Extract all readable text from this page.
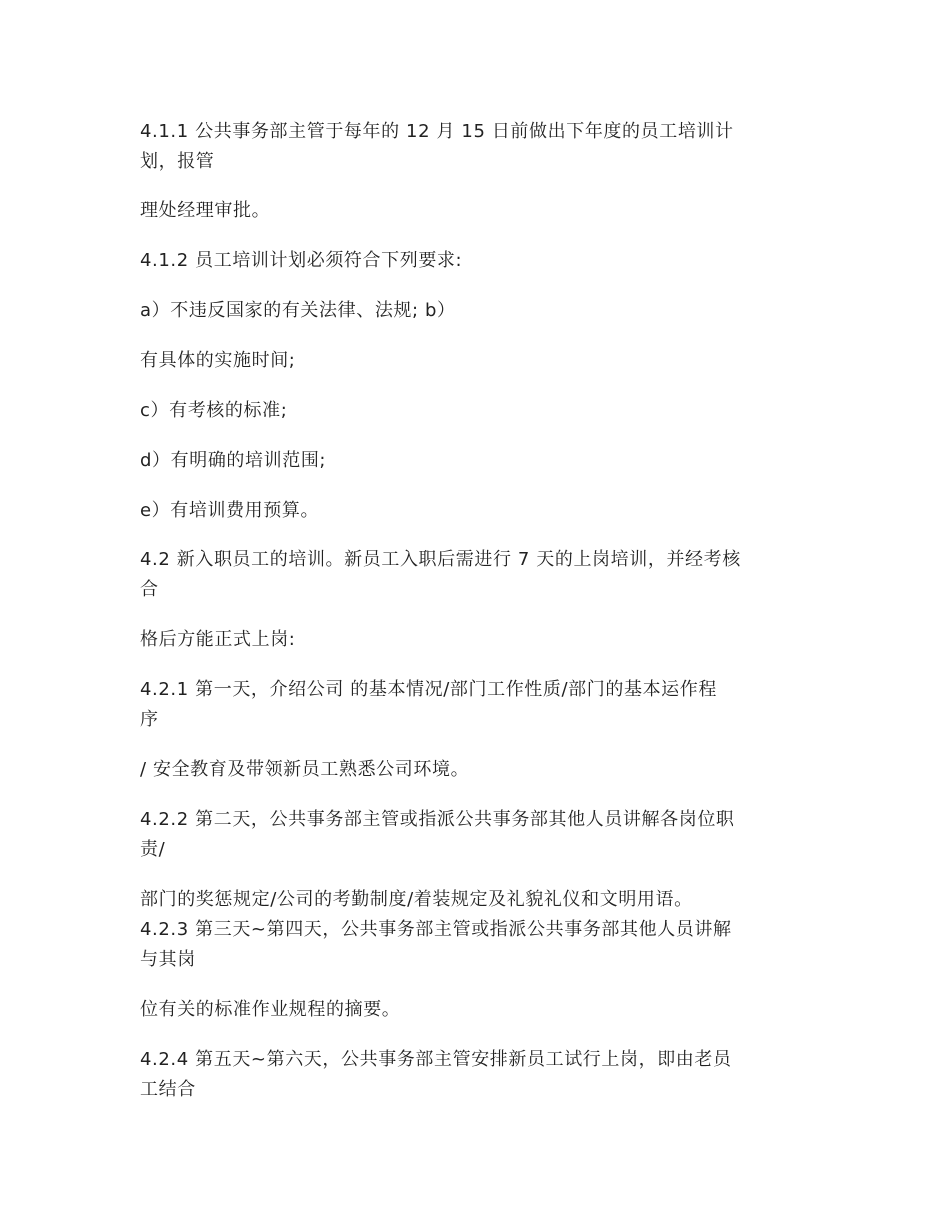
4.1.1 公共事务部主管于每年的 12 月 15 日前做出下年度的员工培训计
划，报管
理处经理审批。
4.1.2 员工培训计划必须符合下列要求:
a）不违反国家的有关法律、法规; b）
有具体的实施时间;
c）有考核的标准;
d）有明确的培训范围;
e）有培训费用预算。
4.2 新入职员工的培训。新员工入职后需进行 7 天的上岗培训，并经考核
合
格后方能正式上岗:
4.2.1 第一天，介绍公司 的基本情况/部门工作性质/部门的基本运作程
序
/ 安全教育及带领新员工熟悉公司环境。
4.2.2 第二天，公共事务部主管或指派公共事务部其他人员讲解各岗位职
责/
部门的奖惩规定/公司的考勤制度/着装规定及礼貌礼仪和文明用语。
4.2.3 第三天~第四天，公共事务部主管或指派公共事务部其他人员讲解
与其岗
位有关的标准作业规程的摘要。
4.2.4 第五天~第六天，公共事务部主管安排新员工试行上岗，即由老员
工结合
